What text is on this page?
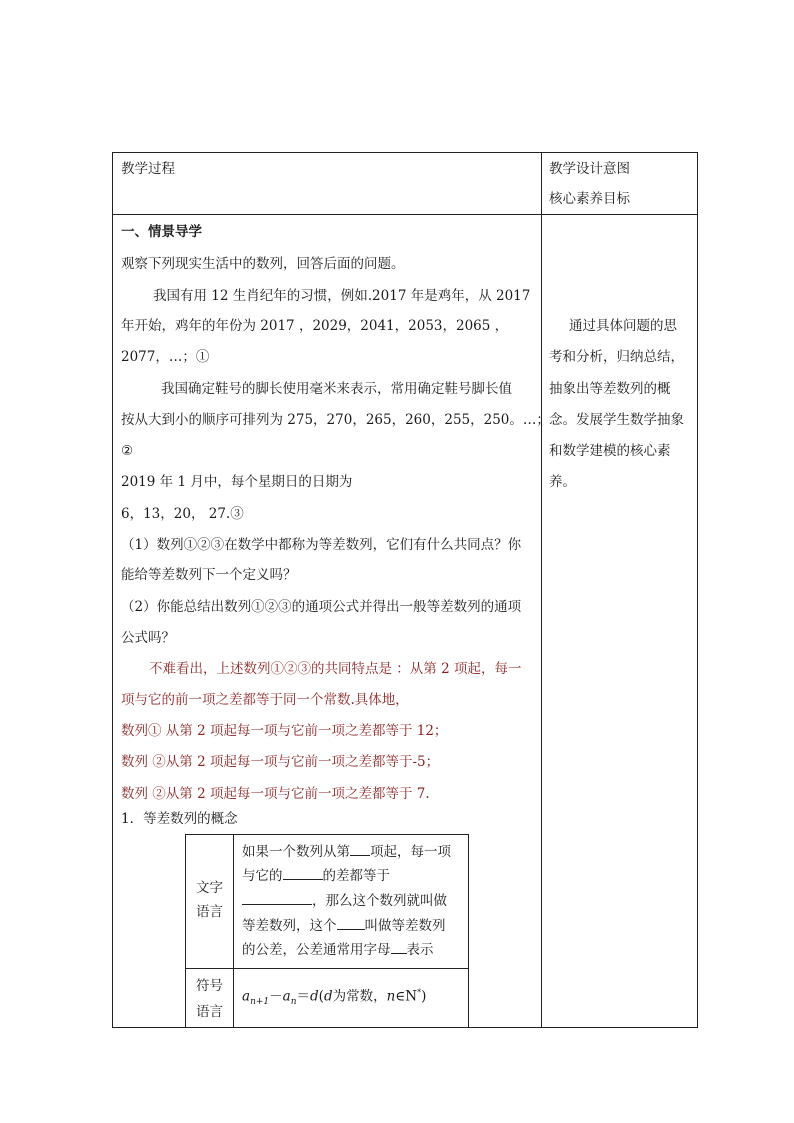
教学过程	教学设计意图
核心素养目标
一、情景导学
观察下列现实生活中的数列，回答后面的问题。
我国有用 12 生肖纪年的习惯，例如.2017 年是鸡年，从 2017
年开始，鸡年的年份为 2017 ，2029，2041，2053，2065 ，
2077，…；①
我国确定鞋号的脚长使用毫米来表示，常用确定鞋号脚长值
按从大到小的顺序可排列为 275，270，265，260，255，250。…；
②
2019 年 1 月中，每个星期日的日期为
6，13，20， 27.③
（1）数列①②③在数学中都称为等差数列，它们有什么共同点？你
能给等差数列下一个定义吗？
（2）你能总结出数列①②③的通项公式并得出一般等差数列的通项
公式吗？
不难看出，上述数列①②③的共同特点是 ：从第 2 项起，每一
项与它的前一项之差都等于同一个常数.具体地，
数列① 从第 2 项起每一项与它前一项之差都等于 12；
数列 ②从第 2 项起每一项与它前一项之差都等于-5；
数列 ②从第 2 项起每一项与它前一项之差都等于 7.
1．等差数列的概念
文字
语言
如果一个数列从第 项起，每一项
与它的	的差都等于
，那么这个数列就叫做
等差数列，这个 叫做等差数列
的公差，公差通常用字母 表示
符号
语言
$a_{n+1}-a_n=d(d$为常数，n∈N*)
通过具体问题的思
考和分析，归纳总结，
抽象出等差数列的概
念。发展学生数学抽象
和数学建模的核心素
养。
